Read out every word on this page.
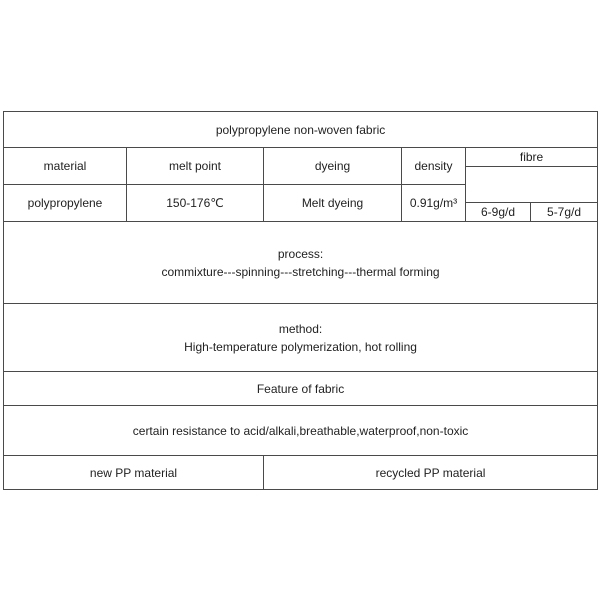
polypropylene non-woven fabric					
material	melt point	dyeing	density	fibre	

polypropylene	150-176℃	Melt dyeing	0.91g/m³		
				6-9g/d	5-7g/d

process:
commixture---spinning---stretching---thermal forming					

method:
High-temperature polymerization, hot rolling					

Feature of fabric					
certain resistance to acid/alkali,breathable,waterproof,non-toxic					
new PP material		recycled PP material			
